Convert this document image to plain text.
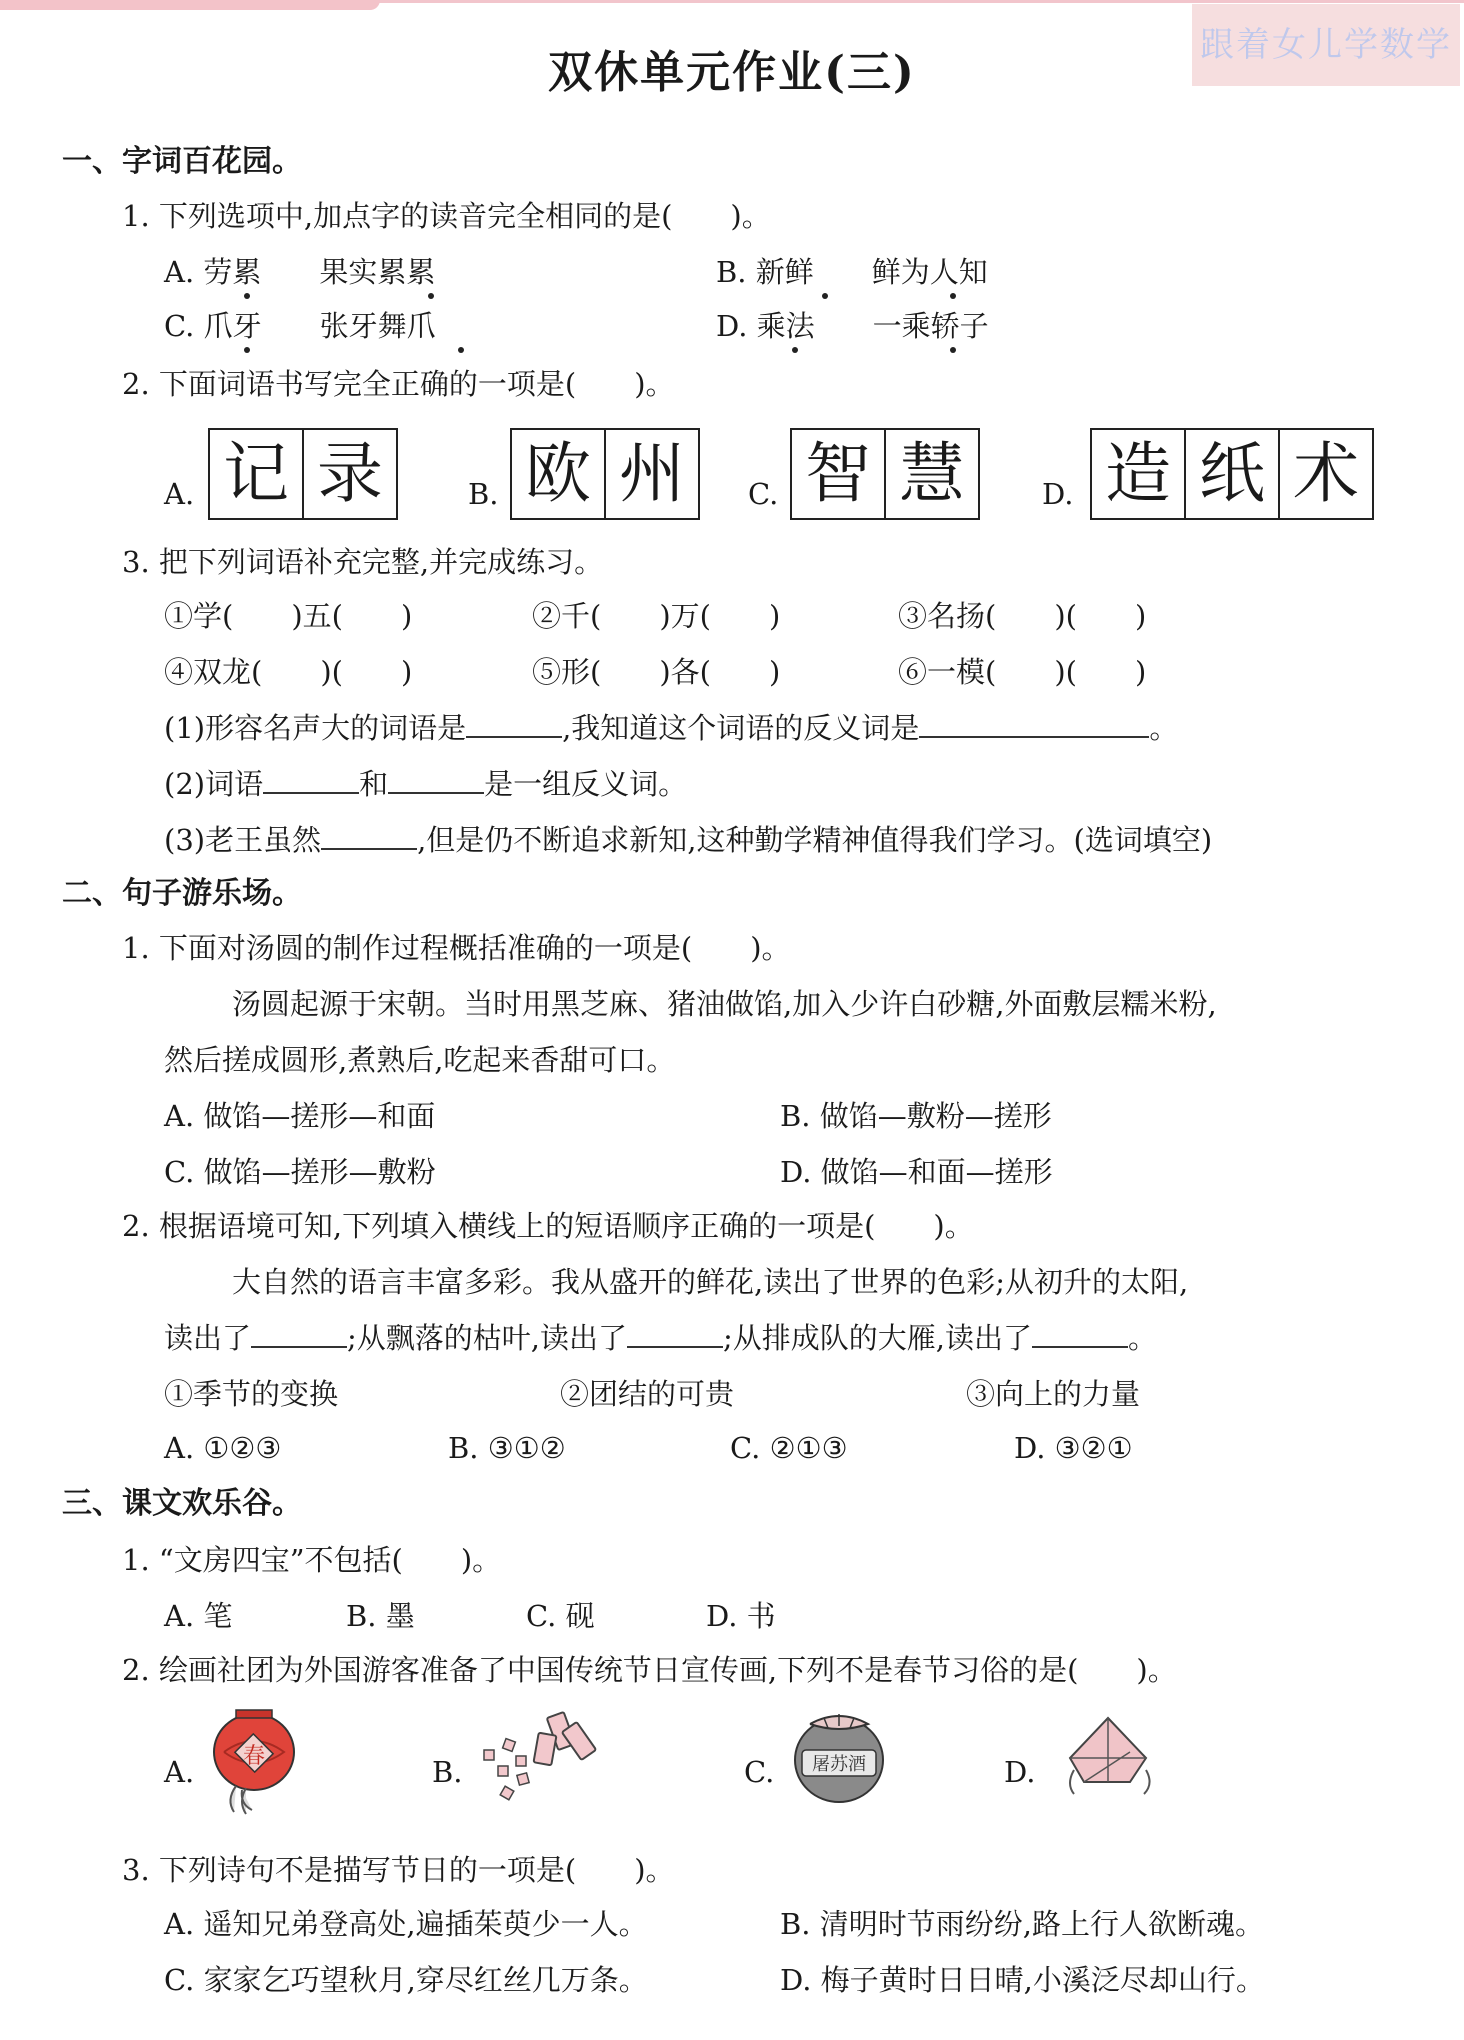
跟着女儿学数学
双休单元作业(三)
一、字词百花园。
1. 下列选项中,加点字的读音完全相同的是(　　)。
A. 劳累　　果实累累	B. 新鲜　　鲜为人知
C. 爪牙　　张牙舞爪	D. 乘法　　一乘轿子
2. 下面词语书写完全正确的一项是(　　)。
A. 记 录	B. 欧 州	C. 智 慧	D. 造 纸 术
3. 把下列词语补充完整,并完成练习。
①学(　　)五(　　)	②千(　　)万(　　)	③名扬(　　)(　　)
④双龙(　　)(　　)	⑤形(　　)各(　　)	⑥一模(　　)(　　)
(1)形容名声大的词语是	,我知道这个词语的反义词是	。
(2)词语	和	是一组反义词。
(3)老王虽然	,但是仍不断追求新知,这种勤学精神值得我们学习。(选词填空)
二、句子游乐场。
1. 下面对汤圆的制作过程概括准确的一项是(　　)。
汤圆起源于宋朝。当时用黑芝麻、猪油做馅,加入少许白砂糖,外面敷层糯米粉,
然后搓成圆形,煮熟后,吃起来香甜可口。
A. 做馅—搓形—和面	B. 做馅—敷粉—搓形
C. 做馅—搓形—敷粉	D. 做馅—和面—搓形
2. 根据语境可知,下列填入横线上的短语顺序正确的一项是(　　)。
大自然的语言丰富多彩。我从盛开的鲜花,读出了世界的色彩;从初升的太阳,
读出了	;从飘落的枯叶,读出了	;从排成队的大雁,读出了	。
①季节的变换	②团结的可贵	③向上的力量
A. ①②③	B. ③①②	C. ②①③	D. ③②①
三、课文欢乐谷。
1. “文房四宝”不包括(　　)。
A. 笔	B. 墨	C. 砚	D. 书
2. 绘画社团为外国游客准备了中国传统节日宣传画,下列不是春节习俗的是(　　)。
A. 春	B.	C. 屠苏酒	D.
3. 下列诗句不是描写节日的一项是(　　)。
A. 遥知兄弟登高处,遍插茱萸少一人。	B. 清明时节雨纷纷,路上行人欲断魂。
C. 家家乞巧望秋月,穿尽红丝几万条。	D. 梅子黄时日日晴,小溪泛尽却山行。
